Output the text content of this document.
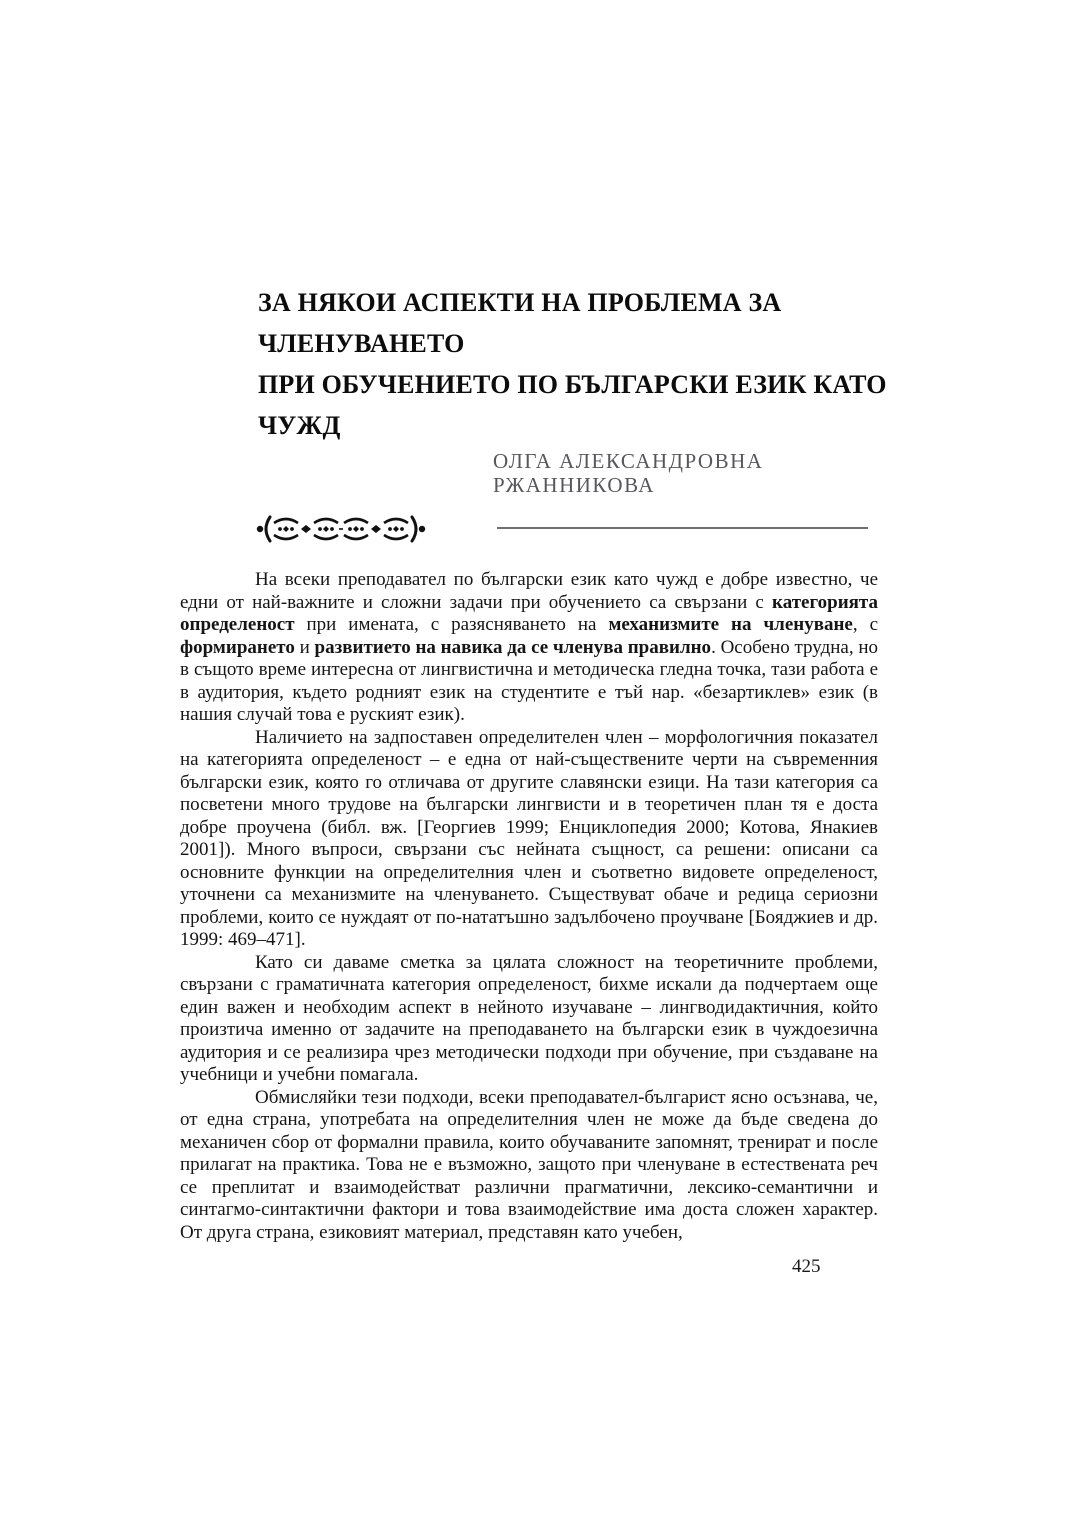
ЗА НЯКОИ АСПЕКТИ НА ПРОБЛЕМА ЗА
ЧЛЕНУВАНЕТО
ПРИ ОБУЧЕНИЕТО ПО БЪЛГАРСКИ ЕЗИК КАТО
ЧУЖД
ОЛГА АЛЕКСАНДРОВНА
РЖАННИКОВА

На всеки преподавател по български език като чужд е добре известно, че едни от най-важните и сложни задачи при обучението са свързани с категорията определеност при имената, с разясняването на механизмите на членуване, с формирането и развитието на навика да се членува правилно. Особено трудна, но в същото време интересна от лингвистична и методическа гледна точка, тази работа е в аудитория, където родният език на студентите е тъй нар. «безартиклев» език (в нашия случай това е руският език).

Наличието на задпоставен определителен член – морфологичния показател на категорията определеност – е една от най-съществените черти на съвременния български език, която го отличава от другите славянски езици. На тази категория са посветени много трудове на български лингвисти и в теоретичен план тя е доста добре проучена (библ. вж. [Георгиев 1999; Енциклопедия 2000; Котова, Янакиев 2001]). Много въпроси, свързани със нейната същност, са решени: описани са основните функции на определителния член и съответно видовете определеност, уточнени са механизмите на членуването. Съществуват обаче и редица сериозни проблеми, които се нуждаят от по-нататъшно задълбочено проучване [Бояджиев и др. 1999: 469–471].

Като си даваме сметка за цялата сложност на теоретичните проблеми, свързани с граматичната категория определеност, бихме искали да подчертаем още един важен и необходим аспект в нейното изучаване – лингводидактичния, който произтича именно от задачите на преподаването на български език в чуждоезична аудитория и се реализира чрез методически подходи при обучение, при създаване на учебници и учебни помагала.

Обмисляйки тези подходи, всеки преподавател-българист ясно осъзнава, че, от една страна, употребата на определителния член не може да бъде сведена до механичен сбор от формални правила, които обучаваните запомнят, тренират и после прилагат на практика. Това не е възможно, защото при членуване в естествената реч се преплитат и взаимодействат различни прагматични, лексико-семантични и синтагмо-синтактични фактори и това взаимодействие има доста сложен характер. От друга страна, езиковият материал, представян като учебен,

425
